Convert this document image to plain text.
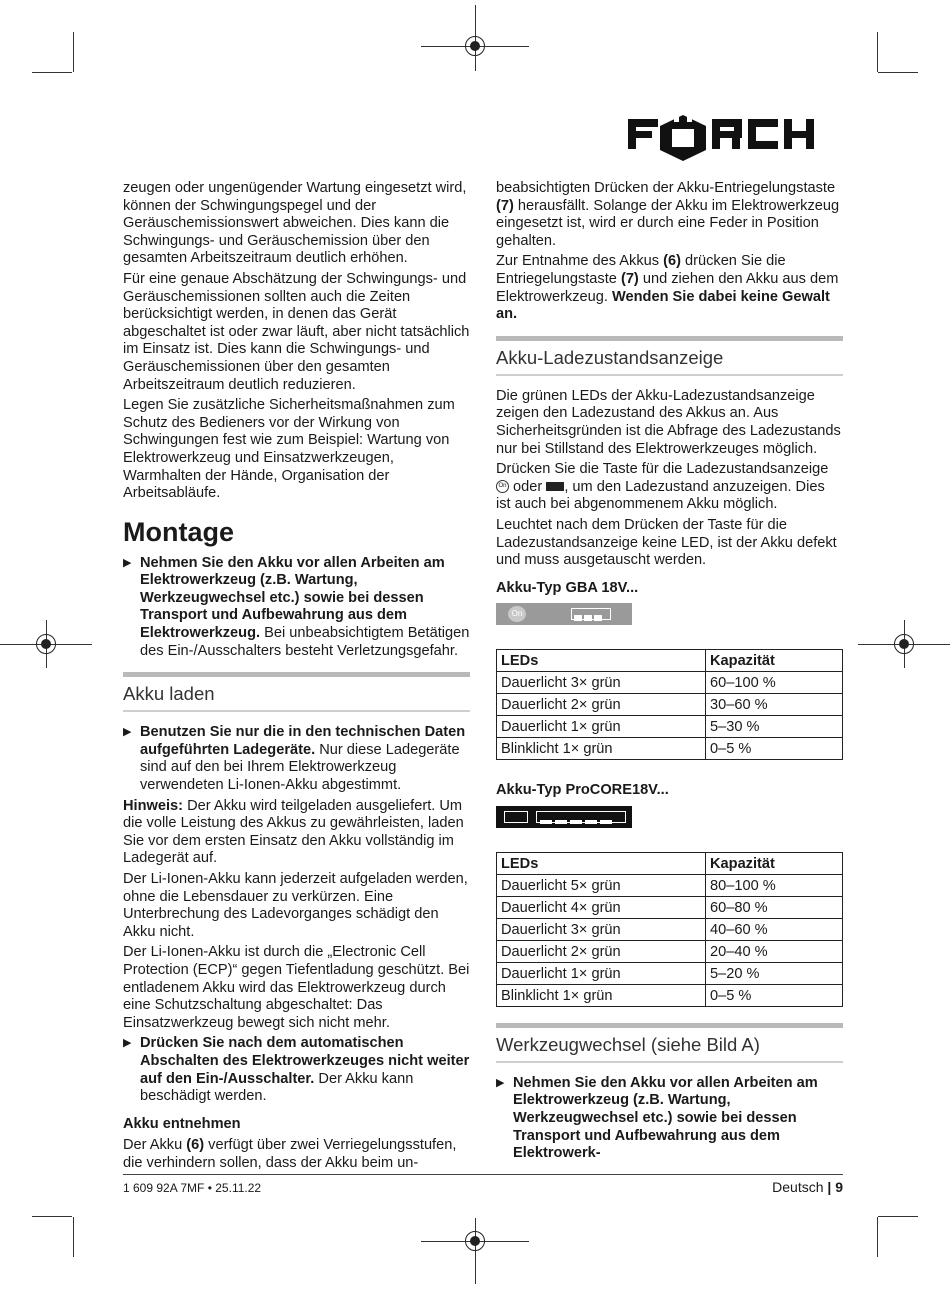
zeugen oder ungenügender Wartung eingesetzt wird, können der Schwingungspegel und der Geräuschemissionswert abweichen. Dies kann die Schwingungs- und Geräuschemission über den gesamten Arbeitszeitraum deutlich erhöhen.

Für eine genaue Abschätzung der Schwingungs- und Geräuschemissionen sollten auch die Zeiten berücksichtigt werden, in denen das Gerät abgeschaltet ist oder zwar läuft, aber nicht tatsächlich im Einsatz ist. Dies kann die Schwingungs- und Geräuschemissionen über den gesamten Arbeitszeitraum deutlich reduzieren.

Legen Sie zusätzliche Sicherheitsmaßnahmen zum Schutz des Bedieners vor der Wirkung von Schwingungen fest wie zum Beispiel: Wartung von Elektrowerkzeug und Einsatzwerkzeugen, Warmhalten der Hände, Organisation der Arbeitsabläufe.

Montage
▶ Nehmen Sie den Akku vor allen Arbeiten am Elektrowerkzeug (z.B. Wartung, Werkzeugwechsel etc.) sowie bei dessen Transport und Aufbewahrung aus dem Elektrowerkzeug. Bei unbeabsichtigtem Betätigen des Ein-/Ausschalters besteht Verletzungsgefahr.
Akku laden
▶ Benutzen Sie nur die in den technischen Daten aufgeführten Ladegeräte. Nur diese Ladegeräte sind auf den bei Ihrem Elektrowerkzeug verwendeten Li-Ionen-Akku abgestimmt.

Hinweis: Der Akku wird teilgeladen ausgeliefert. Um die volle Leistung des Akkus zu gewährleisten, laden Sie vor dem ersten Einsatz den Akku vollständig im Ladegerät auf.

Der Li-Ionen-Akku kann jederzeit aufgeladen werden, ohne die Lebensdauer zu verkürzen. Eine Unterbrechung des Ladevorganges schädigt den Akku nicht.

Der Li-Ionen-Akku ist durch die „Electronic Cell Protection (ECP)“ gegen Tiefentladung geschützt. Bei entladenem Akku wird das Elektrowerkzeug durch eine Schutzschaltung abgeschaltet: Das Einsatzwerkzeug bewegt sich nicht mehr.

▶ Drücken Sie nach dem automatischen Abschalten des Elektrowerkzeuges nicht weiter auf den Ein-/Ausschalter. Der Akku kann beschädigt werden.
Akku entnehmen

Der Akku (6) verfügt über zwei Verriegelungsstufen, die verhindern sollen, dass der Akku beim un-

beabsichtigten Drücken der Akku-Entriegelungstaste (7) herausfällt. Solange der Akku im Elektrowerkzeug eingesetzt ist, wird er durch eine Feder in Position gehalten.

Zur Entnahme des Akkus (6) drücken Sie die Entriegelungstaste (7) und ziehen den Akku aus dem Elektrowerkzeug. Wenden Sie dabei keine Gewalt an.

Akku-Ladezustandsanzeige

Die grünen LEDs der Akku-Ladezustandsanzeige zeigen den Ladezustand des Akkus an. Aus Sicherheitsgründen ist die Abfrage des Ladezustands nur bei Stillstand des Elektrowerkzeuges möglich.

Drücken Sie die Taste für die Ladezustandsanzeige On oder , um den Ladezustand anzuzeigen. Dies ist auch bei abgenommenem Akku möglich.

Leuchtet nach dem Drücken der Taste für die Ladezustandsanzeige keine LED, ist der Akku defekt und muss ausgetauscht werden.

Akku-Typ GBA 18V...
On
LEDs	Kapazität
Dauerlicht 3× grün	60–100 %
Dauerlicht 2× grün	30–60 %
Dauerlicht 1× grün	5–30 %
Blinklicht 1× grün	0–5 %
Akku-Typ ProCORE18V...
LEDs	Kapazität
Dauerlicht 5× grün	80–100 %
Dauerlicht 4× grün	60–80 %
Dauerlicht 3× grün	40–60 %
Dauerlicht 2× grün	20–40 %
Dauerlicht 1× grün	5–20 %
Blinklicht 1× grün	0–5 %
Werkzeugwechsel (siehe Bild A)
▶ Nehmen Sie den Akku vor allen Arbeiten am Elektrowerkzeug (z.B. Wartung, Werkzeugwechsel etc.) sowie bei dessen Transport und Aufbewahrung aus dem Elektrowerk-
1 609 92A 7MF • 25.11.22	Deutsch | 9
